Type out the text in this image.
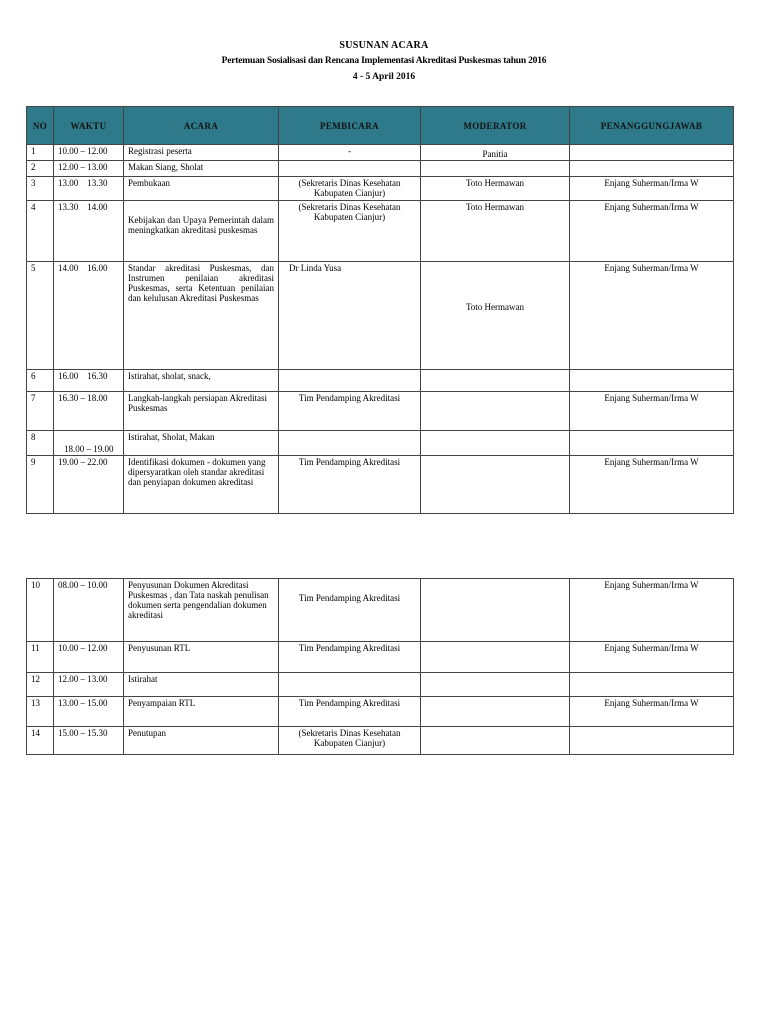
SUSUNAN ACARA
Pertemuan Sosialisasi dan Rencana Implementasi Akreditasi Puskesmas tahun 2016
4 - 5 April 2016
NO	WAKTU	ACARA	PEMBICARA	MODERATOR	PENANGGUNGJAWAB
1	10.00 – 12.00	Registrasi peserta	-	Panitia	
2	12.00 – 13.00	Makan Siang, Sholat			
3	13.00    13.30	Pembukaan	(Sekretaris Dinas Kesehatan Kabupaten Cianjur)	Toto Hermawan	Enjang Suherman/Irma W
4	13.30    14.00	Kebijakan dan Upaya Pemerintah dalam meningkatkan akreditasi puskesmas	(Sekretaris Dinas Kesehatan Kabupaten Cianjur)	Toto Hermawan	Enjang Suherman/Irma W
5	14.00    16.00	Standar akreditasi Puskesmas, dan Instrumen penilaian akreditasi Puskesmas, serta Ketentuan penilaian dan kelulusan Akreditasi Puskesmas	Dr Linda Yusa	Toto Hermawan	Enjang Suherman/Irma W
6	16.00    16.30	Istirahat, sholat, snack,			
7	16.30 – 18.00	Langkah-langkah persiapan Akreditasi Puskesmas	Tim Pendamping Akreditasi		Enjang Suherman/Irma W
8	18.00 – 19.00	Istirahat, Sholat, Makan			
9	19.00 – 22.00	Identifikasi dokumen - dokumen yang dipersyaratkan oleh standar akreditasi dan penyiapan dokumen akreditasi	Tim Pendamping Akreditasi		Enjang Suherman/Irma W
10	08.00 – 10.00	Penyusunan Dokumen Akreditasi Puskesmas , dan Tata naskah penulisan dokumen serta pengendalian dokumen akreditasi	Tim Pendamping Akreditasi		Enjang Suherman/Irma W
11	10.00 – 12.00	Penyusunan RTL	Tim Pendamping Akreditasi		Enjang Suherman/Irma W
12	12.00 – 13.00	Istirahat			
13	13.00 – 15.00	Penyampaian RTL	Tim Pendamping Akreditasi		Enjang Suherman/Irma W
14	15.00 – 15.30	Penutupan	(Sekretaris Dinas Kesehatan Kabupaten Cianjur)		
